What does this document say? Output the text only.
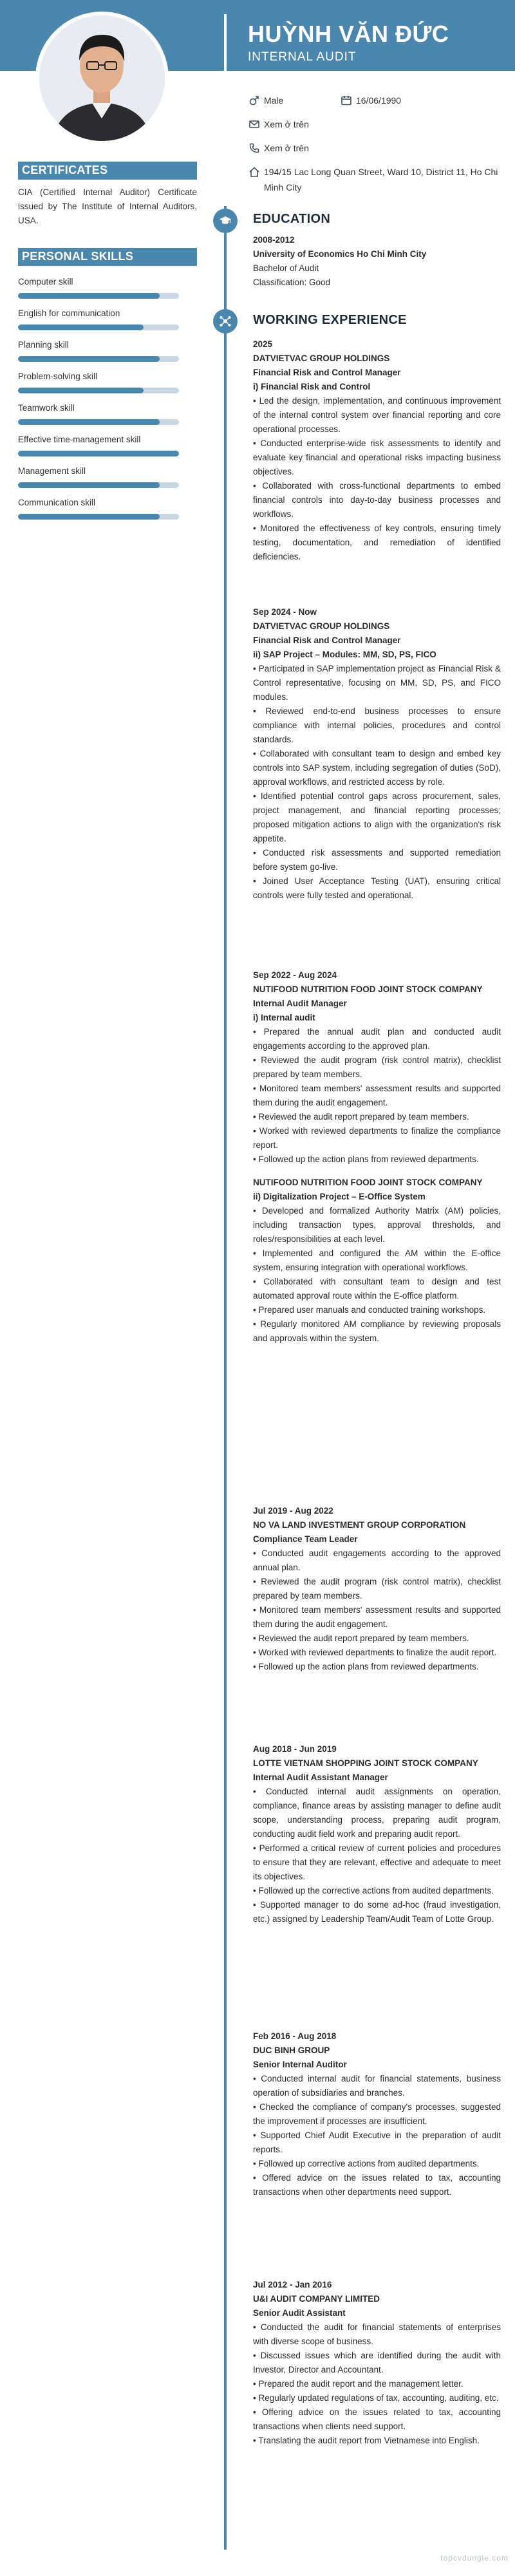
HUỲNH VĂN ĐỨC
INTERNAL AUDIT
Male	16/06/1990
Xem ở trên
Xem ở trên
194/15 Lac Long Quan Street, Ward 10, District 11, Ho Chi Minh City
CERTIFICATES
CIA (Certified Internal Auditor) Certificate issued by The Institute of Internal Auditors, USA.
PERSONAL SKILLS
Computer skill
English for communication
Planning skill
Problem-solving skill
Teamwork skill
Effective time-management skill
Management skill
Communication skill
EDUCATION
2008-2012
University of Economics Ho Chi Minh City
Bachelor of Audit
Classification: Good
WORKING EXPERIENCE
2025
DATVIETVAC GROUP HOLDINGS
Financial Risk and Control Manager
i) Financial Risk and Control
• Led the design, implementation, and continuous improvement of the internal control system over financial reporting and core operational processes.
• Conducted enterprise-wide risk assessments to identify and evaluate key financial and operational risks impacting business objectives.
• Collaborated with cross-functional departments to embed financial controls into day-to-day business processes and workflows.
• Monitored the effectiveness of key controls, ensuring timely testing, documentation, and remediation of identified deficiencies.
Sep 2024 - Now
DATVIETVAC GROUP HOLDINGS
Financial Risk and Control Manager
ii) SAP Project – Modules: MM, SD, PS, FICO
• Participated in SAP implementation project as Financial Risk & Control representative, focusing on MM, SD, PS, and FICO modules.
• Reviewed end-to-end business processes to ensure compliance with internal policies, procedures and control standards.
• Collaborated with consultant team to design and embed key controls into SAP system, including segregation of duties (SoD), approval workflows, and restricted access by role.
• Identified potential control gaps across procurement, sales, project management, and financial reporting processes; proposed mitigation actions to align with the organization's risk appetite.
• Conducted risk assessments and supported remediation before system go-live.
• Joined User Acceptance Testing (UAT), ensuring critical controls were fully tested and operational.
Sep 2022 - Aug 2024
NUTIFOOD NUTRITION FOOD JOINT STOCK COMPANY
Internal Audit Manager
i) Internal audit
• Prepared the annual audit plan and conducted audit engagements according to the approved plan.
• Reviewed the audit program (risk control matrix), checklist prepared by team members.
• Monitored team members' assessment results and supported them during the audit engagement.
• Reviewed the audit report prepared by team members.
• Worked with reviewed departments to finalize the compliance report.
• Followed up the action plans from reviewed departments.
NUTIFOOD NUTRITION FOOD JOINT STOCK COMPANY
ii) Digitalization Project – E-Office System
• Developed and formalized Authority Matrix (AM) policies, including transaction types, approval thresholds, and roles/responsibilities at each level.
• Implemented and configured the AM within the E-office system, ensuring integration with operational workflows.
• Collaborated with consultant team to design and test automated approval route within the E-office platform.
• Prepared user manuals and conducted training workshops.
• Regularly monitored AM compliance by reviewing proposals and approvals within the system.
Jul 2019 - Aug 2022
NO VA LAND INVESTMENT GROUP CORPORATION
Compliance Team Leader
• Conducted audit engagements according to the approved annual plan.
• Reviewed the audit program (risk control matrix), checklist prepared by team members.
• Monitored team members' assessment results and supported them during the audit engagement.
• Reviewed the audit report prepared by team members.
• Worked with reviewed departments to finalize the audit report.
• Followed up the action plans from reviewed departments.
Aug 2018 - Jun 2019
LOTTE VIETNAM SHOPPING JOINT STOCK COMPANY
Internal Audit Assistant Manager
• Conducted internal audit assignments on operation, compliance, finance areas by assisting manager to define audit scope, understanding process, preparing audit program, conducting audit field work and preparing audit report.
• Performed a critical review of current policies and procedures to ensure that they are relevant, effective and adequate to meet its objectives.
• Followed up the corrective actions from audited departments.
• Supported manager to do some ad-hoc (fraud investigation, etc.) assigned by Leadership Team/Audit Team of Lotte Group.
Feb 2016 - Aug 2018
DUC BINH GROUP
Senior Internal Auditor
• Conducted internal audit for financial statements, business operation of subsidiaries and branches.
• Checked the compliance of company's processes, suggested the improvement if processes are insufficient.
• Supported Chief Audit Executive in the preparation of audit reports.
• Followed up corrective actions from audited departments.
• Offered advice on the issues related to tax, accounting transactions when other departments need support.
Jul 2012 - Jan 2016
U&I AUDIT COMPANY LIMITED
Senior Audit Assistant
• Conducted the audit for financial statements of enterprises with diverse scope of business.
• Discussed issues which are identified during the audit with Investor, Director and Accountant.
• Prepared the audit report and the management letter.
• Regularly updated regulations of tax, accounting, auditing, etc.
• Offering advice on the issues related to tax, accounting transactions when clients need support.
• Translating the audit report from Vietnamese into English.
topcvdungle.com
